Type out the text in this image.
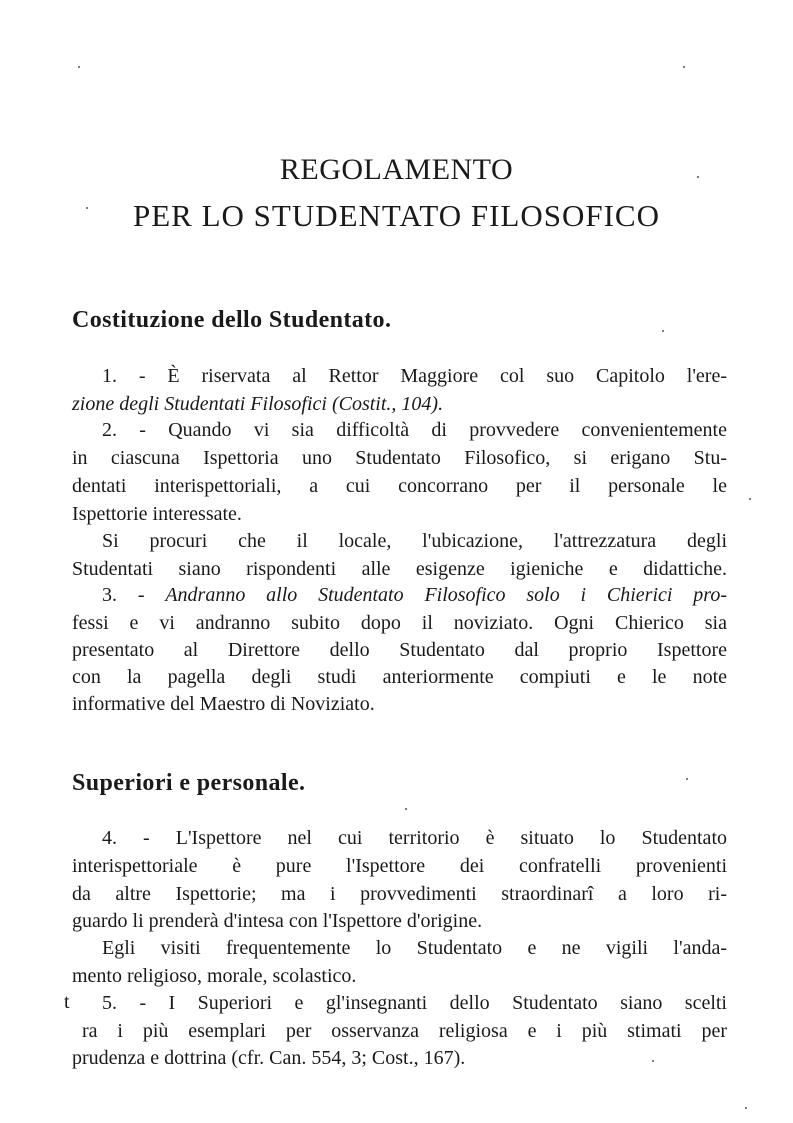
REGOLAMENTO
PER LO STUDENTATO FILOSOFICO
Costituzione dello Studentato.

1. - È riservata al Rettor Maggiore col suo Capitolo l'ere-

zione degli Studentati Filosofici (Costit., 104).

2. - Quando vi sia difficoltà di provvedere convenientemente

in ciascuna Ispettoria uno Studentato Filosofico, si erigano Stu-

dentati interispettoriali, a cui concorrano per il personale le

Ispettorie interessate.

Si procuri che il locale, l'ubicazione, l'attrezzatura degli

Studentati siano rispondenti alle esigenze igieniche e didattiche.

3. - Andranno allo Studentato Filosofico solo i Chierici pro-

fessi e vi andranno subito dopo il noviziato. Ogni Chierico sia

presentato al Direttore dello Studentato dal proprio Ispettore

con la pagella degli studi anteriormente compiuti e le note

informative del Maestro di Noviziato.

Superiori e personale.

4. - L'Ispettore nel cui territorio è situato lo Studentato

interispettoriale è pure l'Ispettore dei confratelli provenienti

da altre Ispettorie; ma i provvedimenti straordinarî a loro ri-

guardo li prenderà d'intesa con l'Ispettore d'origine.

Egli visiti frequentemente lo Studentato e ne vigili l'anda-

mento religioso, morale, scolastico.

t	5. - I Superiori e gl'insegnanti dello Studentato siano scelti

ra i più esemplari per osservanza religiosa e i più stimati per

prudenza e dottrina (cfr. Can. 554, 3; Cost., 167).
